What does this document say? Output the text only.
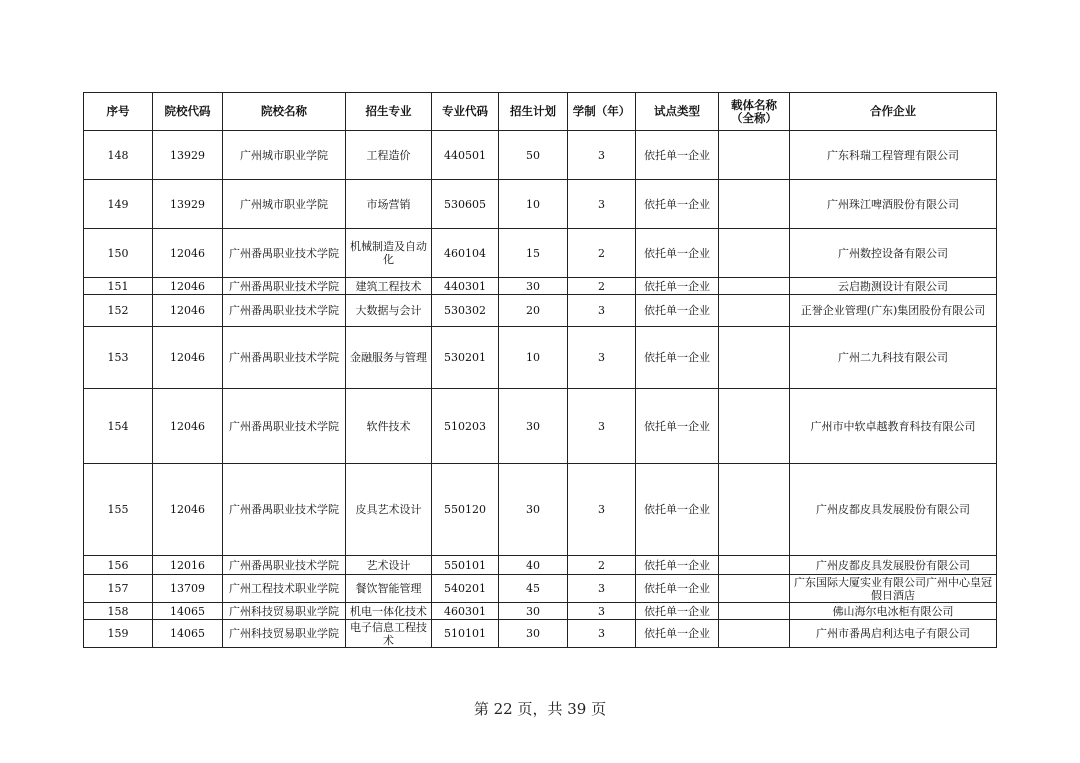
序号	院校代码	院校名称	招生专业	专业代码	招生计划	学制（年）	试点类型	载体名称（全称）	合作企业
148	13929	广州城市职业学院	工程造价	440501	50	3	依托单一企业		广东科瑞工程管理有限公司
149	13929	广州城市职业学院	市场营销	530605	10	3	依托单一企业		广州珠江啤酒股份有限公司
150	12046	广州番禺职业技术学院	机械制造及自动化	460104	15	2	依托单一企业		广州数控设备有限公司
151	12046	广州番禺职业技术学院	建筑工程技术	440301	30	2	依托单一企业		云启勘测设计有限公司
152	12046	广州番禺职业技术学院	大数据与会计	530302	20	3	依托单一企业		正誉企业管理(广东)集团股份有限公司
153	12046	广州番禺职业技术学院	金融服务与管理	530201	10	3	依托单一企业		广州二九科技有限公司
154	12046	广州番禺职业技术学院	软件技术	510203	30	3	依托单一企业		广州市中软卓越教育科技有限公司
155	12046	广州番禺职业技术学院	皮具艺术设计	550120	30	3	依托单一企业		广州皮都皮具发展股份有限公司
156	12016	广州番禺职业技术学院	艺术设计	550101	40	2	依托单一企业		广州皮都皮具发展股份有限公司
157	13709	广州工程技术职业学院	餐饮智能管理	540201	45	3	依托单一企业		广东国际大厦实业有限公司广州中心皇冠假日酒店
158	14065	广州科技贸易职业学院	机电一体化技术	460301	30	3	依托单一企业		佛山海尔电冰柜有限公司
159	14065	广州科技贸易职业学院	电子信息工程技术	510101	30	3	依托单一企业		广州市番禺启利达电子有限公司
第 22 页，共 39 页
